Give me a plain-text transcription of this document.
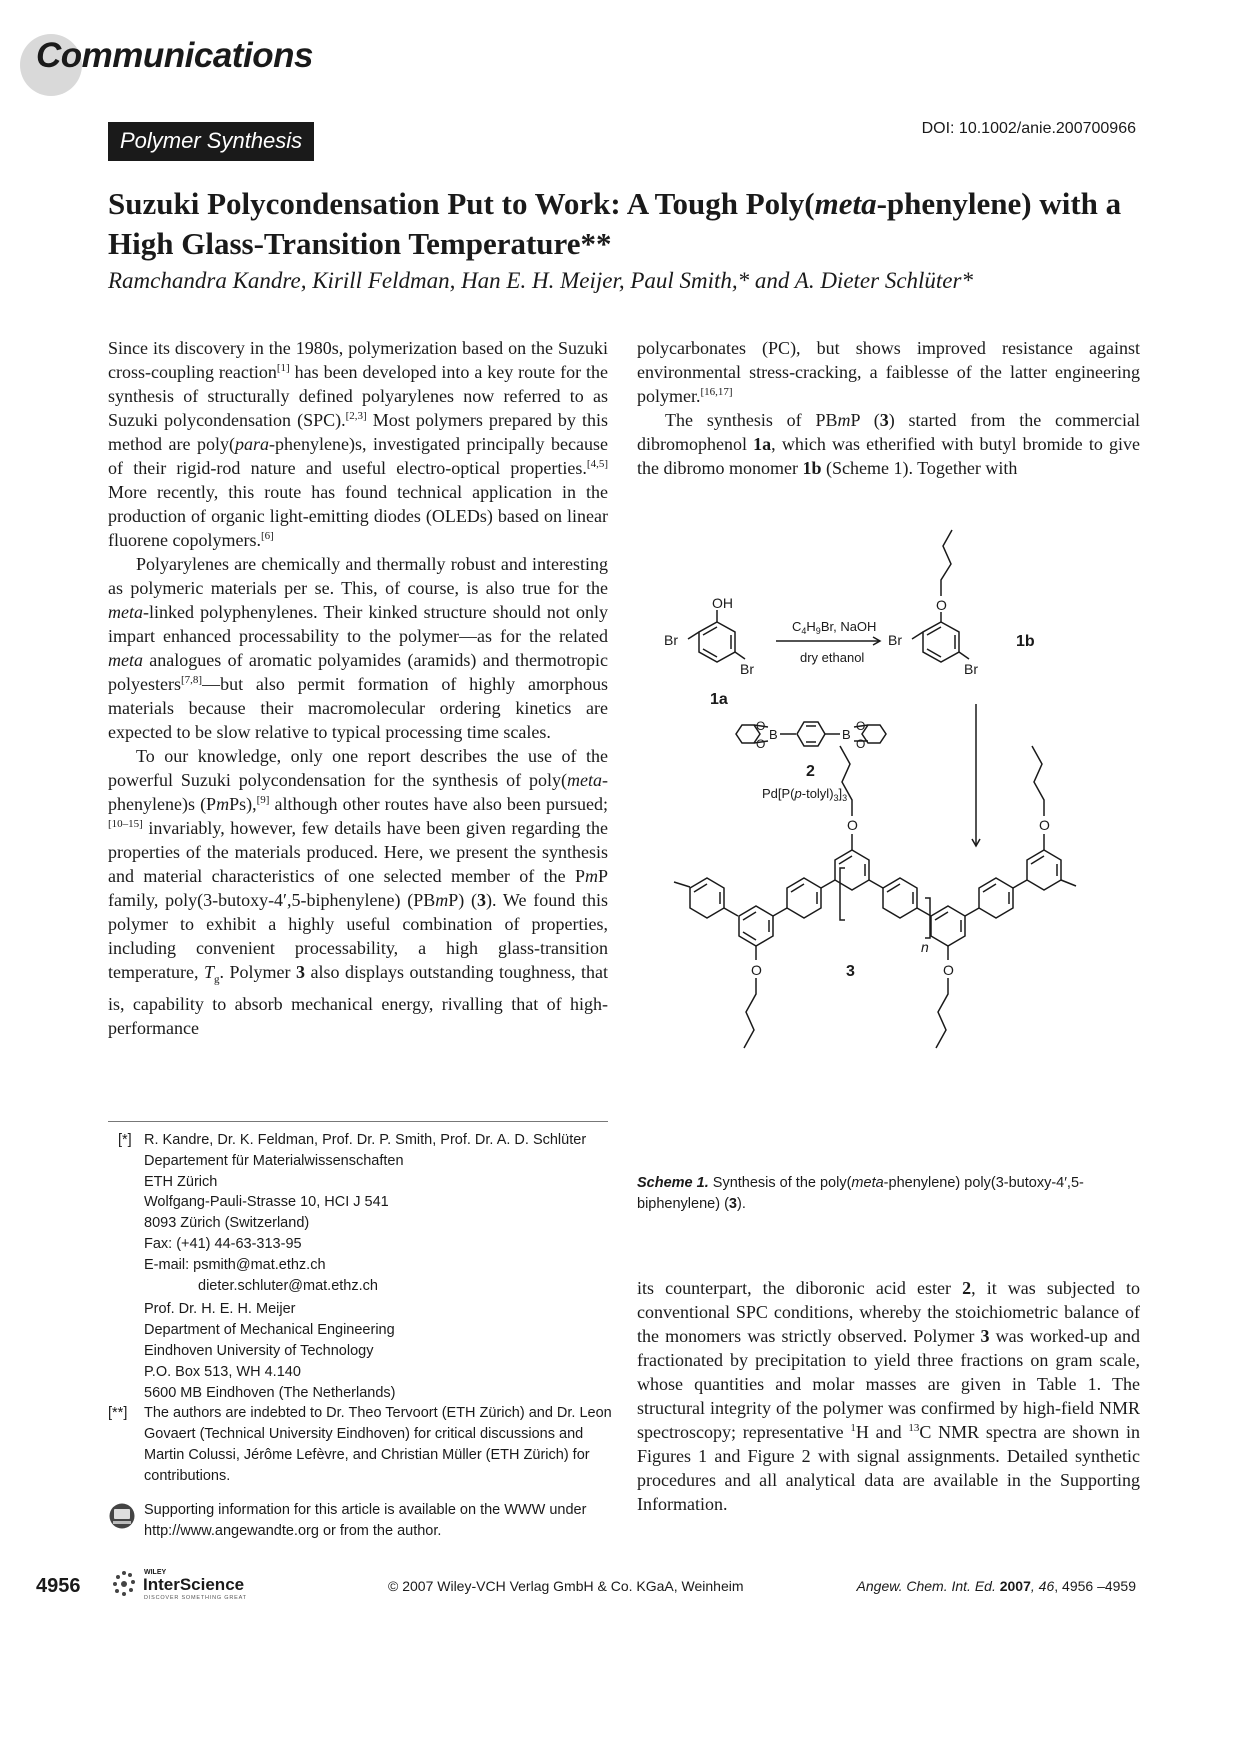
Communications
Polymer Synthesis	DOI: 10.1002/anie.200700966
Suzuki Polycondensation Put to Work: A Tough Poly(meta-phenylene) with a High Glass-Transition Temperature**
Ramchandra Kandre, Kirill Feldman, Han E. H. Meijer, Paul Smith,* and A. Dieter Schlüter*

Since its discovery in the 1980s, polymerization based on the Suzuki cross-coupling reaction[1] has been developed into a key route for the synthesis of structurally defined polyarylenes now referred to as Suzuki polycondensation (SPC).[2,3] Most polymers prepared by this method are poly(para-phenylene)s, investigated principally because of their rigid-rod nature and useful electro-optical properties.[4,5] More recently, this route has found technical application in the production of organic light-emitting diodes (OLEDs) based on linear fluorene copolymers.[6]

Polyarylenes are chemically and thermally robust and interesting as polymeric materials per se. This, of course, is also true for the meta-linked polyphenylenes. Their kinked structure should not only impart enhanced processability to the polymer—as for the related meta analogues of aromatic polyamides (aramids) and thermotropic polyesters[7,8]—but also permit formation of highly amorphous materials because their macromolecular ordering kinetics are expected to be slow relative to typical processing time scales.

To our knowledge, only one report describes the use of the powerful Suzuki polycondensation for the synthesis of poly(meta-phenylene)s (PmPs),[9] although other routes have also been pursued;[10–15] invariably, however, few details have been given regarding the properties of the materials produced. Here, we present the synthesis and material characteristics of one selected member of the PmP family, poly(3-butoxy-4′,5-biphenylene) (PBmP) (3). We found this polymer to exhibit a highly useful combination of properties, including convenient processability, a high glass-transition temperature, $T_g$. Polymer 3 also displays outstanding toughness, that is, capability to absorb mechanical energy, rivalling that of high-performance

polycarbonates (PC), but shows improved resistance against environmental stress-cracking, a faiblesse of the latter engineering polymer.[16,17]

The synthesis of PBmP (3) started from the commercial dibromophenol 1a, which was etherified with butyl bromide to give the dibromo monomer 1b (Scheme 1). Together with

OH
Br
Br
1a
$C_4H_9Br$, NaOH
dry ethanol
O
Br
Br
1b
O
O
B	B
O
O
2
$Pd[P(p-tolyl)_3]_3$
O	O
O	O
n
3
Scheme 1. Synthesis of the poly(meta-phenylene) poly(3-butoxy-4′,5-biphenylene) (3).

its counterpart, the diboronic acid ester 2, it was subjected to conventional SPC conditions, whereby the stoichiometric balance of the monomers was strictly observed. Polymer 3 was worked-up and fractionated by precipitation to yield three fractions on gram scale, whose quantities and molar masses are given in Table 1. The structural integrity of the polymer was confirmed by high-field NMR spectroscopy; representative $^1$H and $^{13}$C NMR spectra are shown in Figures 1 and Figure 2 with signal assignments. Detailed synthetic procedures and all analytical data are available in the Supporting Information.

[*] R. Kandre, Dr. K. Feldman, Prof. Dr. P. Smith, Prof. Dr. A. D. Schlüter
Departement für Materialwissenschaften
ETH Zürich
Wolfgang-Pauli-Strasse 10, HCI J 541
8093 Zürich (Switzerland)
Fax: (+41) 44-63-313-95
E-mail: psmith@mat.ethz.ch
dieter.schluter@mat.ethz.ch
Prof. Dr. H. E. H. Meijer
Department of Mechanical Engineering
Eindhoven University of Technology
P.O. Box 513, WH 4.140
5600 MB Eindhoven (The Netherlands)
[**] The authors are indebted to Dr. Theo Tervoort (ETH Zürich) and Dr. Leon Govaert (Technical University Eindhoven) for critical discussions and Martin Colussi, Jérôme Lefèvre, and Christian Müller (ETH Zürich) for contributions.
Supporting information for this article is available on the WWW under http://www.angewandte.org or from the author.
4956
WILEY
InterScience
DISCOVER SOMETHING GREAT
© 2007 Wiley-VCH Verlag GmbH & Co. KGaA, Weinheim	Angew. Chem. Int. Ed. 2007, 46, 4956 –4959
